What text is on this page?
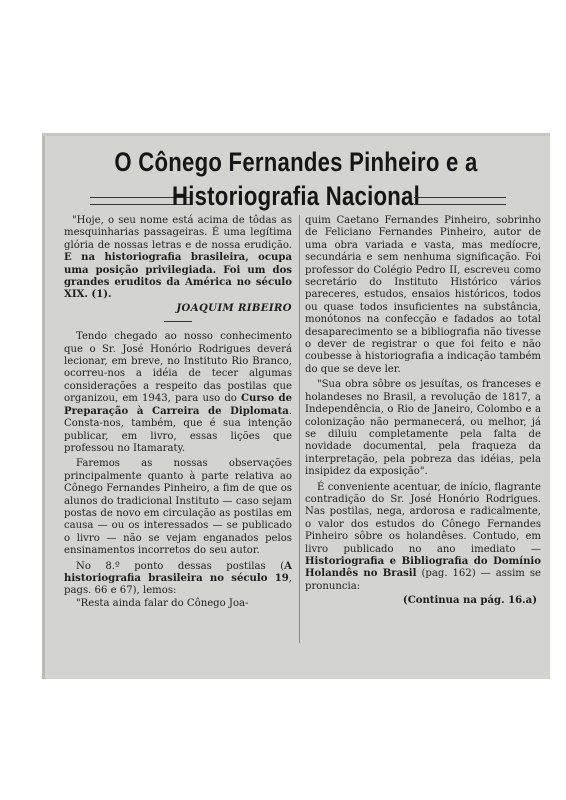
O Cônego Fernandes Pinheiro e a
Historiografia Nacional

"Hoje, o seu nome está acima de tôdas as mesquinharias passageiras. É uma legítima glória de nossas letras e de nossa erudição. E na historiografia brasileira, ocupa uma posição privilegiada. Foi um dos grandes eruditos da América no século XIX. (1).

JOAQUIM RIBEIRO

Tendo chegado ao nosso conhecimento que o Sr. José Honório Rodrigues deverá lecionar, em breve, no Instituto Rio Branco, ocorreu-nos a idéia de tecer algumas considerações a respeito das postilas que organizou, em 1943, para uso do Curso de Preparação à Carreira de Diplomata. Consta-nos, também, que é sua intenção publicar, em livro, essas lições que professou no Itamaraty.

Faremos as nossas observações principalmente quanto à parte relativa ao Cônego Fernandes Pinheiro, a fim de que os alunos do tradicional Instituto — caso sejam postas de novo em circulação as postilas em causa — ou os interessados — se publicado o livro — não se vejam enganados pelos ensinamentos incorretos do seu autor.

No 8.º ponto dessas postilas (A historiografia brasileira no século 19, pags. 66 e 67), lemos:

"Resta ainda falar do Cônego Joa-

quim Caetano Fernandes Pinheiro, sobrinho de Feliciano Fernandes Pinheiro, autor de uma obra variada e vasta, mas medíocre, secundária e sem nenhuma significação. Foi professor do Colégio Pedro II, escreveu como secretário do Instituto Histórico vários pareceres, estudos, ensaios históricos, todos ou quase todos insuficientes na substância, monótonos na confecção e fadados ao total desaparecimento se a bibliografia não tivesse o dever de registrar o que foi feito e não coubesse à historiografia a indicação também do que se deve ler.

"Sua obra sôbre os jesuítas, os franceses e holandeses no Brasil, a revolução de 1817, a Independência, o Rio de Janeiro, Colombo e a colonização não permanecerá, ou melhor, já se diluiu completamente pela falta de novidade documental, pela fraqueza da interpretação, pela pobreza das idéias, pela insipidez da exposição".

É conveniente acentuar, de início, flagrante contradição do Sr. José Honório Rodrigues. Nas postilas, nega, ardorosa e radicalmente, o valor dos estudos do Cônego Fernandes Pinheiro sôbre os holandêses. Contudo, em livro publicado no ano imediato — Historiografia e Bibliografia do Domínio Holandês no Brasil (pag. 162) — assim se pronuncia:

(Continua na pág. 16.a)
